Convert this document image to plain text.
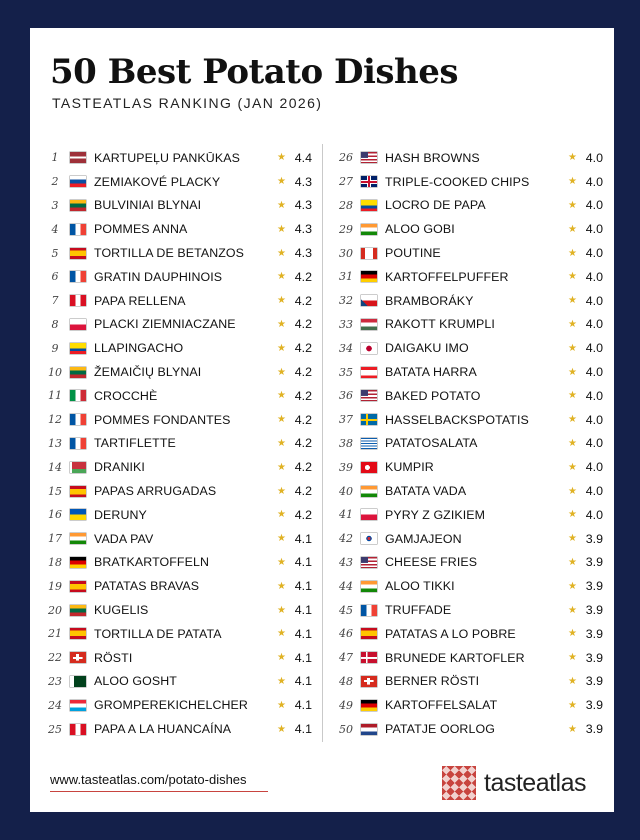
50 Best Potato Dishes
TASTEATLAS RANKING (JAN 2026)
1	KARTUPEĻU PANKŪKAS	★ 4.4
2	ZEMIAKOVÉ PLACKY	★ 4.3
3	BULVINIAI BLYNAI	★ 4.3
4	POMMES ANNA	★ 4.3
5	TORTILLA DE BETANZOS	★ 4.3
6	GRATIN DAUPHINOIS	★ 4.2
7	PAPA RELLENA	★ 4.2
8	PLACKI ZIEMNIACZANE	★ 4.2
9	LLAPINGACHO	★ 4.2
10	ŽEMAIČIŲ BLYNAI	★ 4.2
11	CROCCHÈ	★ 4.2
12	POMMES FONDANTES	★ 4.2
13	TARTIFLETTE	★ 4.2
14	DRANIKI	★ 4.2
15	PAPAS ARRUGADAS	★ 4.2
16	DERUNY	★ 4.2
17	VADA PAV	★ 4.1
18	BRATKARTOFFELN	★ 4.1
19	PATATAS BRAVAS	★ 4.1
20	KUGELIS	★ 4.1
21	TORTILLA DE PATATA	★ 4.1
22	RÖSTI	★ 4.1
23	ALOO GOSHT	★ 4.1
24	GROMPEREKICHELCHER	★ 4.1
25	PAPA A LA HUANCAÍNA	★ 4.1
26	HASH BROWNS	★ 4.0
27	TRIPLE-COOKED CHIPS	★ 4.0
28	LOCRO DE PAPA	★ 4.0
29	ALOO GOBI	★ 4.0
30	POUTINE	★ 4.0
31	KARTOFFELPUFFER	★ 4.0
32	BRAMBORÁKY	★ 4.0
33	RAKOTT KRUMPLI	★ 4.0
34	DAIGAKU IMO	★ 4.0
35	BATATA HARRA	★ 4.0
36	BAKED POTATO	★ 4.0
37	HASSELBACKSPOTATIS	★ 4.0
38	PATATOSALATA	★ 4.0
39	KUMPIR	★ 4.0
40	BATATA VADA	★ 4.0
41	PYRY Z GZIKIEM	★ 4.0
42	GAMJAJEON	★ 3.9
43	CHEESE FRIES	★ 3.9
44	ALOO TIKKI	★ 3.9
45	TRUFFADE	★ 3.9
46	PATATAS A LO POBRE	★ 3.9
47	BRUNEDE KARTOFLER	★ 3.9
48	BERNER RÖSTI	★ 3.9
49	KARTOFFELSALAT	★ 3.9
50	PATATJE OORLOG	★ 3.9
www.tasteatlas.com/potato-dishes	tasteatlas
